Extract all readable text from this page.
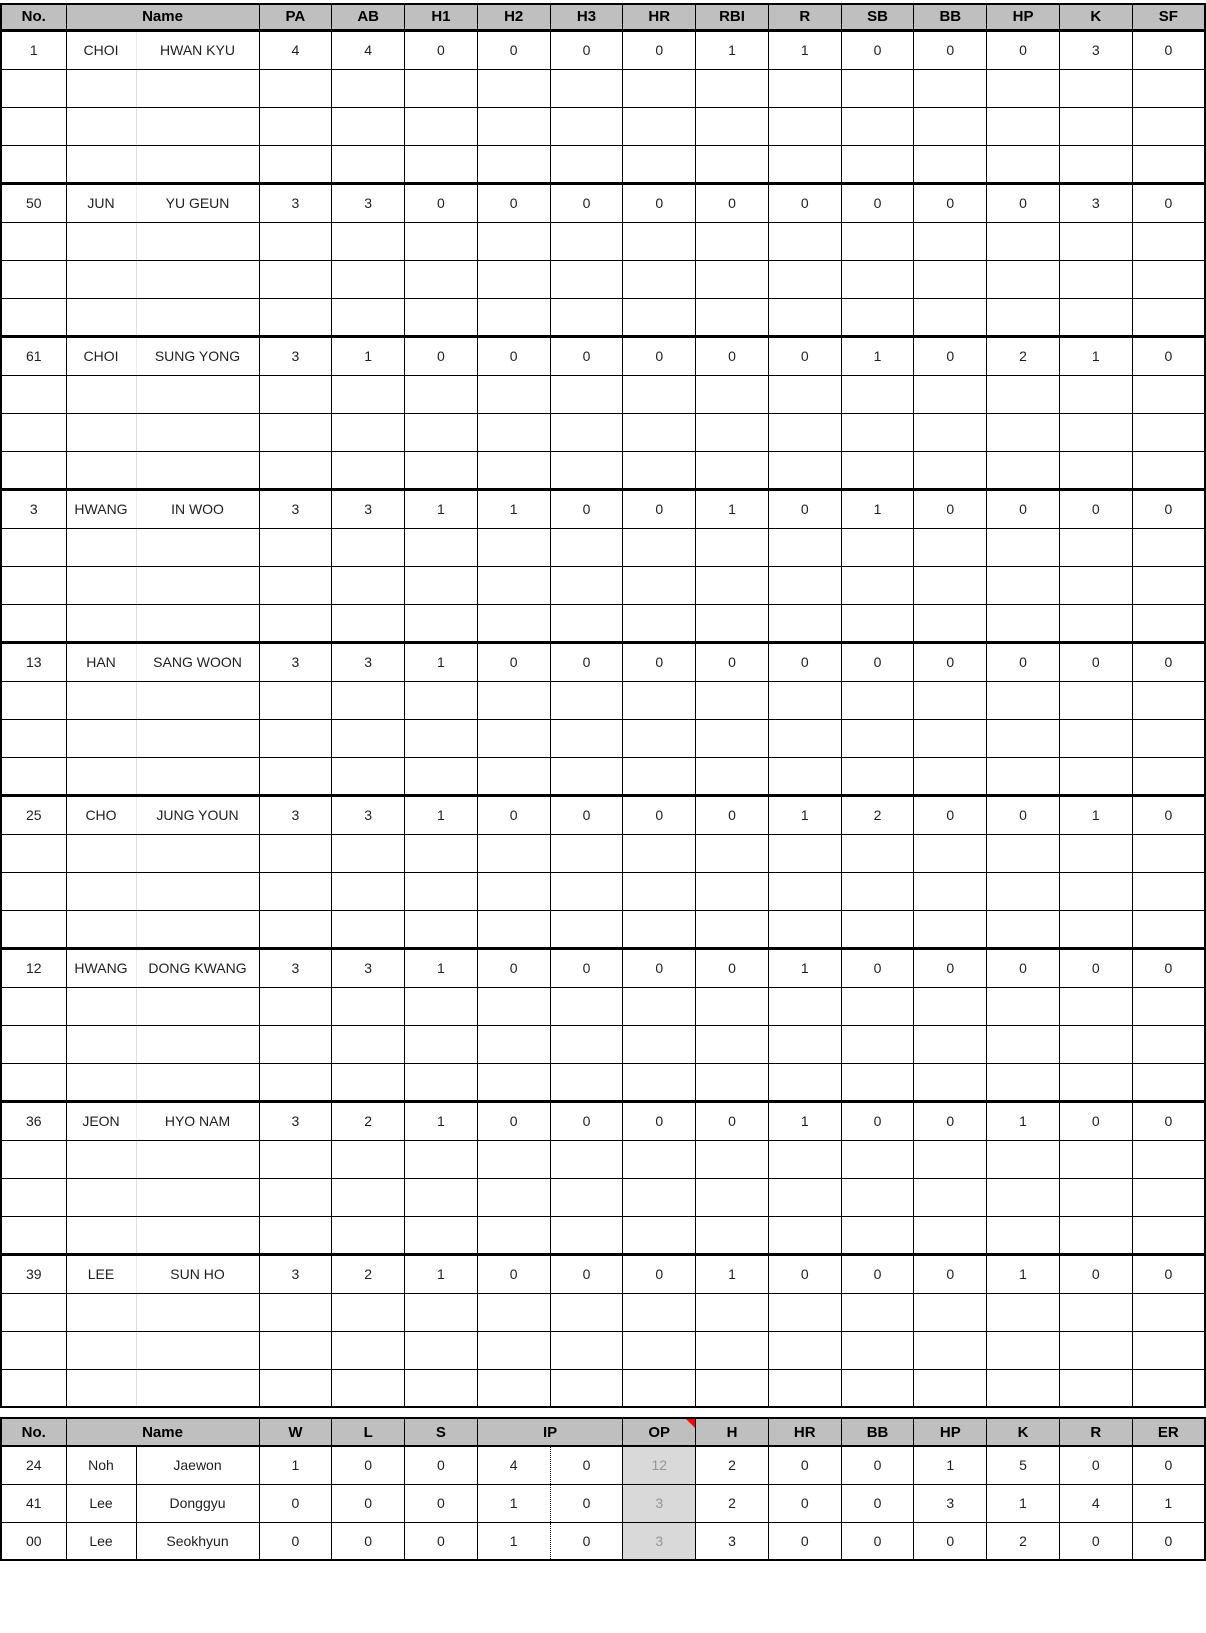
No.	Name		PA	AB	H1	H2	H3	HR	RBI	R	SB	BB	HP	K	SF
1	CHOI	HWAN KYU	4	4	0	0	0	0	1	1	0	0	0	3	0

50	JUN	YU GEUN	3	3	0	0	0	0	0	0	0	0	0	3	0

61	CHOI	SUNG YONG	3	1	0	0	0	0	0	0	1	0	2	1	0

3	HWANG	IN WOO	3	3	1	1	0	0	1	0	1	0	0	0	0

13	HAN	SANG WOON	3	3	1	0	0	0	0	0	0	0	0	0	0

25	CHO	JUNG YOUN	3	3	1	0	0	0	0	1	2	0	0	1	0

12	HWANG	DONG KWANG	3	3	1	0	0	0	0	1	0	0	0	0	0

36	JEON	HYO NAM	3	2	1	0	0	0	0	1	0	0	1	0	0

39	LEE	SUN HO	3	2	1	0	0	0	1	0	0	0	1	0	0

No.	Name		W	L	S	IP		OP	H	HR	BB	HP	K	R	ER
24	Noh	Jaewon	1	0	0	4	0	12	2	0	0	1	5	0	0
41	Lee	Donggyu	0	0	0	1	0	3	2	0	0	3	1	4	1
00	Lee	Seokhyun	0	0	0	1	0	3	3	0	0	0	2	0	0
